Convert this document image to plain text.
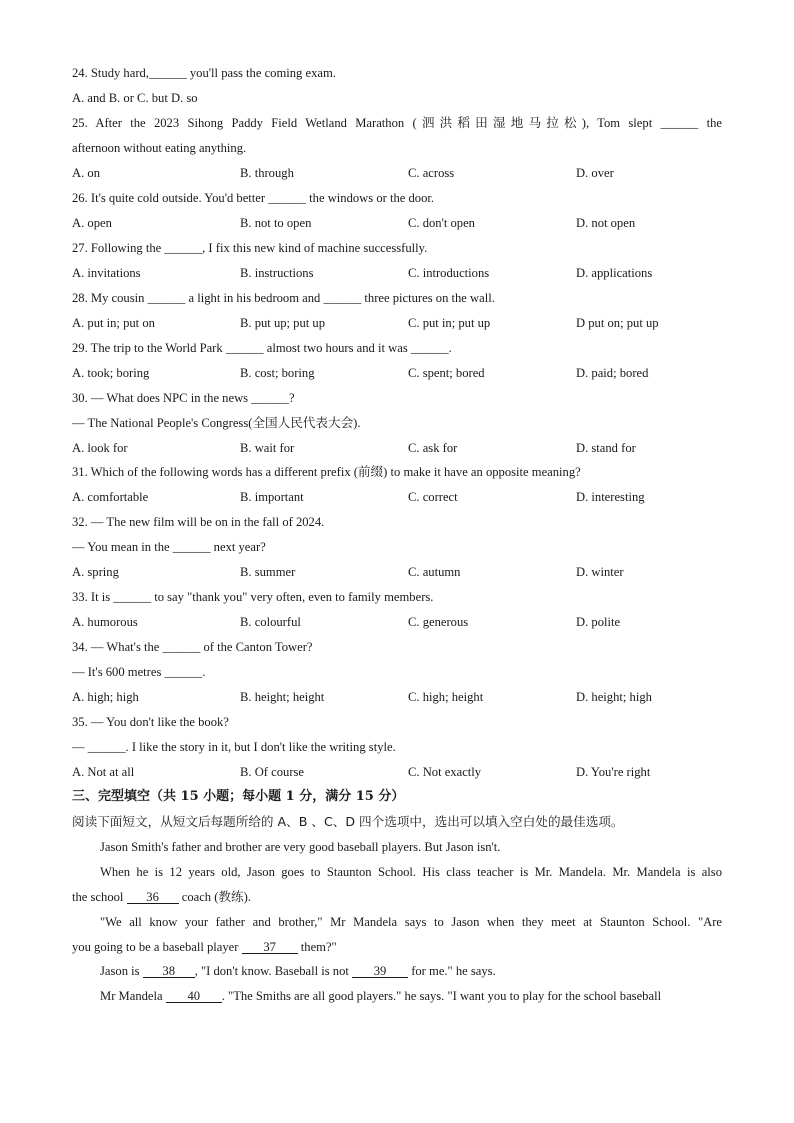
24. Study hard,______ you'll pass the coming exam.
A. and B. or C. but D. so
25. After the 2023 Sihong Paddy Field Wetland Marathon (泗洪稻田湿地马拉松), Tom slept ______ the
afternoon without eating anything.
A. on	B. through	C. across	D. over
26. It's quite cold outside. You'd better ______ the windows or the door.
A. open	B. not to open	C. don't open	D. not open
27. Following the ______, I fix this new kind of machine successfully.
A. invitations	B. instructions	C. introductions	D. applications
28. My cousin ______ a light in his bedroom and ______ three pictures on the wall.
A. put in; put on	B. put up; put up	C. put in; put up	D put on; put up
29. The trip to the World Park ______ almost two hours and it was ______.
A. took; boring	B. cost; boring	C. spent; bored	D. paid; bored
30. — What does NPC in the news ______?
— The National People's Congress(全国人民代表大会).
A. look for	B. wait for	C. ask for	D. stand for
31. Which of the following words has a different prefix (前缀) to make it have an opposite meaning?
A. comfortable	B. important	C. correct	D. interesting
32. — The new film will be on in the fall of 2024.
— You mean in the ______ next year?
A. spring	B. summer	C. autumn	D. winter
33. It is ______ to say "thank you" very often, even to family members.
A. humorous	B. colourful	C. generous	D. polite
34. — What's the ______ of the Canton Tower?
— It's 600 metres ______.
A. high; high	B. height; height	C. high; height	D. height; high
35. — You don't like the book?
— ______. I like the story in it, but I don't like the writing style.
A. Not at all	B. Of course	C. Not exactly	D. You're right
三、完型填空（共 15 小题；每小题 1 分，满分 15 分）
阅读下面短文，从短文后每题所给的 A、B 、C、D 四个选项中，选出可以填入空白处的最佳选项。
Jason Smith's father and brother are very good baseball players. But Jason isn't.
When he is 12 years old, Jason goes to Staunton School. His class teacher is Mr. Mandela. Mr. Mandela is also
the school 36 coach (教练).
"We all know your father and brother," Mr Mandela says to Jason when they meet at Staunton School. "Are
you going to be a baseball player 37 them?"
Jason is 38 , "I don't know. Baseball is not 39 for me." he says.
Mr Mandela 40 . "The Smiths are all good players." he says. "I want you to play for the school baseball
